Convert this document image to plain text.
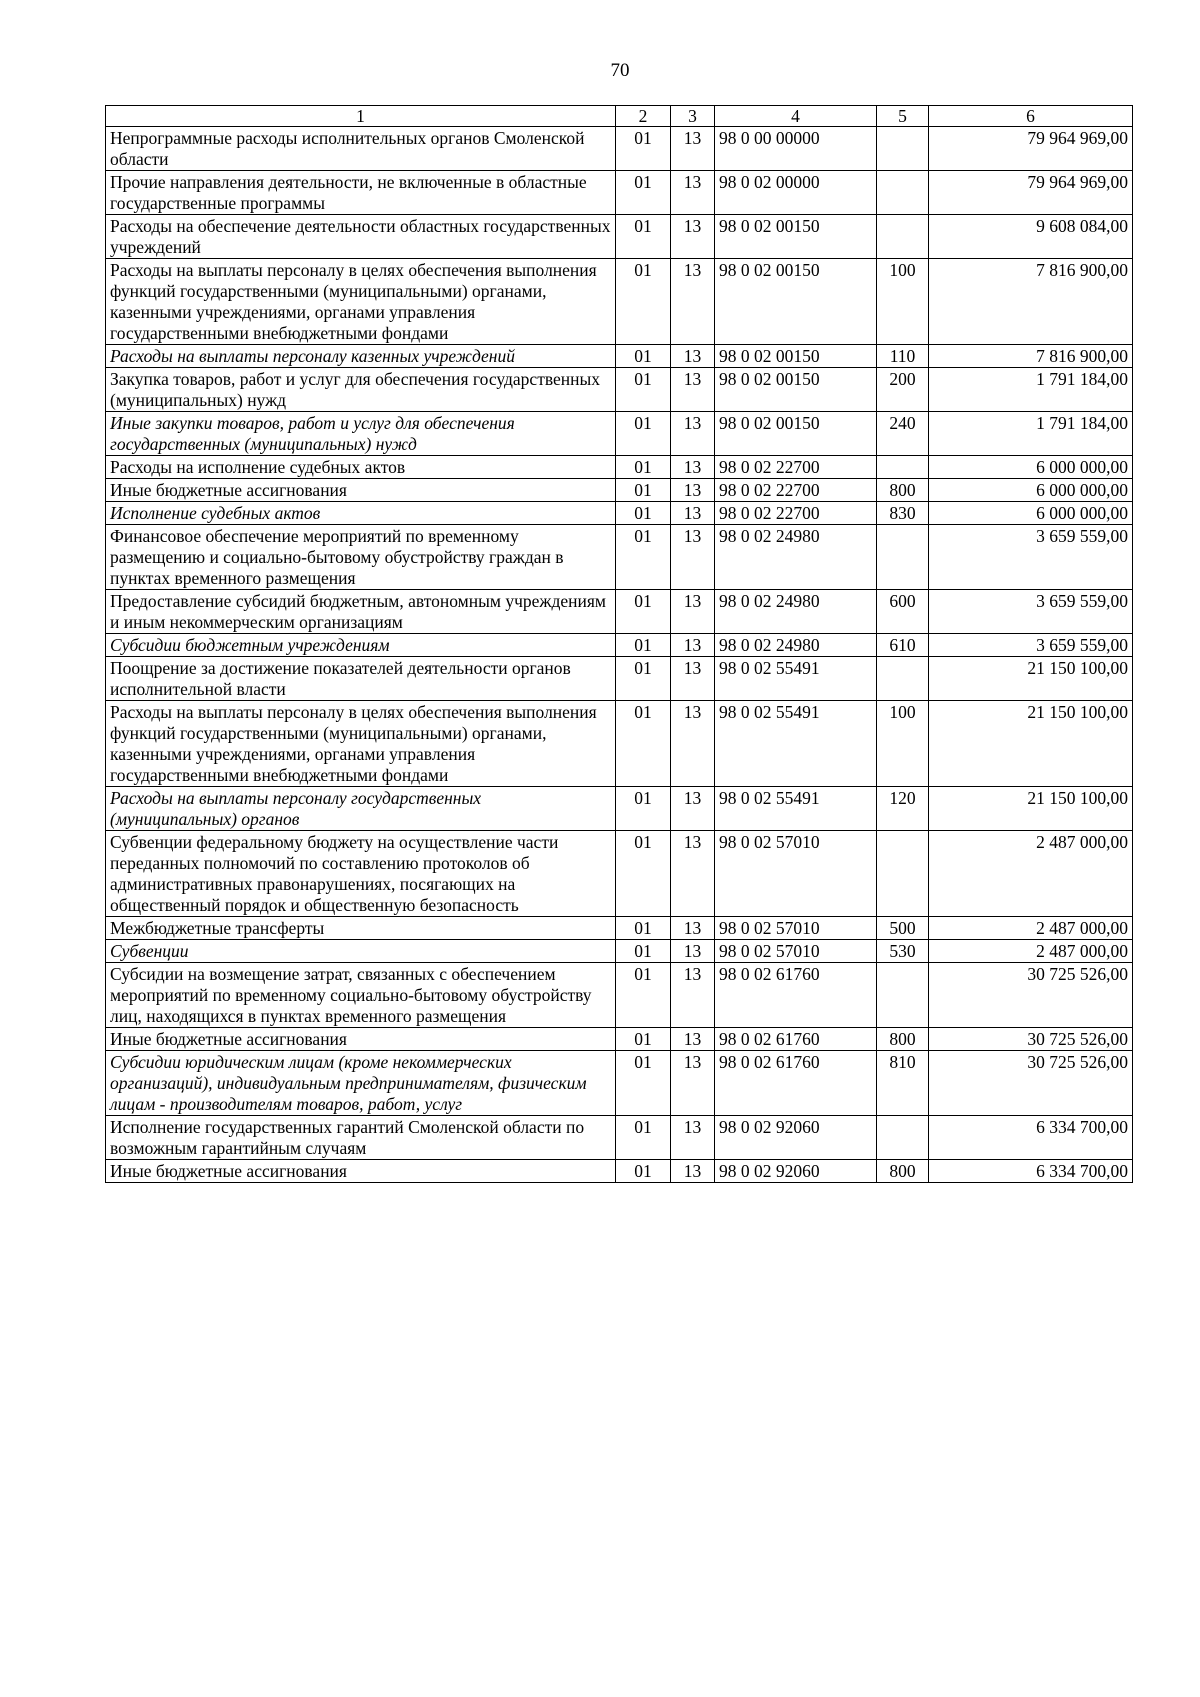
70
1	2	3	4	5	6
Непрограммные расходы исполнительных органов Смоленской области	01	13	98 0 00 00000		79 964 969,00
Прочие направления деятельности, не включенные в областные государственные программы	01	13	98 0 02 00000		79 964 969,00
Расходы на обеспечение деятельности областных государственных учреждений	01	13	98 0 02 00150		9 608 084,00
Расходы на выплаты персоналу в целях обеспечения выполнения функций государственными (муниципальными) органами, казенными учреждениями, органами управления государственными внебюджетными фондами	01	13	98 0 02 00150	100	7 816 900,00
Расходы на выплаты персоналу казенных учреждений	01	13	98 0 02 00150	110	7 816 900,00
Закупка товаров, работ и услуг для обеспечения государственных (муниципальных) нужд	01	13	98 0 02 00150	200	1 791 184,00
Иные закупки товаров, работ и услуг для обеспечения государственных (муниципальных) нужд	01	13	98 0 02 00150	240	1 791 184,00
Расходы на исполнение судебных актов	01	13	98 0 02 22700		6 000 000,00
Иные бюджетные ассигнования	01	13	98 0 02 22700	800	6 000 000,00
Исполнение судебных актов	01	13	98 0 02 22700	830	6 000 000,00
Финансовое обеспечение мероприятий по временному размещению и социально-бытовому обустройству граждан в пунктах временного размещения	01	13	98 0 02 24980		3 659 559,00
Предоставление субсидий бюджетным, автономным учреждениям и иным некоммерческим организациям	01	13	98 0 02 24980	600	3 659 559,00
Субсидии бюджетным учреждениям	01	13	98 0 02 24980	610	3 659 559,00
Поощрение за достижение показателей деятельности органов исполнительной власти	01	13	98 0 02 55491		21 150 100,00
Расходы на выплаты персоналу в целях обеспечения выполнения функций государственными (муниципальными) органами, казенными учреждениями, органами управления государственными внебюджетными фондами	01	13	98 0 02 55491	100	21 150 100,00
Расходы на выплаты персоналу государственных (муниципальных) органов	01	13	98 0 02 55491	120	21 150 100,00
Субвенции федеральному бюджету на осуществление части переданных полномочий по составлению протоколов об административных правонарушениях, посягающих на общественный порядок и общественную безопасность	01	13	98 0 02 57010		2 487 000,00
Межбюджетные трансферты	01	13	98 0 02 57010	500	2 487 000,00
Субвенции	01	13	98 0 02 57010	530	2 487 000,00
Субсидии на возмещение затрат, связанных с обеспечением мероприятий по временному социально-бытовому обустройству лиц, находящихся в пунктах временного размещения	01	13	98 0 02 61760		30 725 526,00
Иные бюджетные ассигнования	01	13	98 0 02 61760	800	30 725 526,00
Субсидии юридическим лицам (кроме некоммерческих организаций), индивидуальным предпринимателям, физическим лицам - производителям товаров, работ, услуг	01	13	98 0 02 61760	810	30 725 526,00
Исполнение государственных гарантий Смоленской области по возможным гарантийным случаям	01	13	98 0 02 92060		6 334 700,00
Иные бюджетные ассигнования	01	13	98 0 02 92060	800	6 334 700,00
